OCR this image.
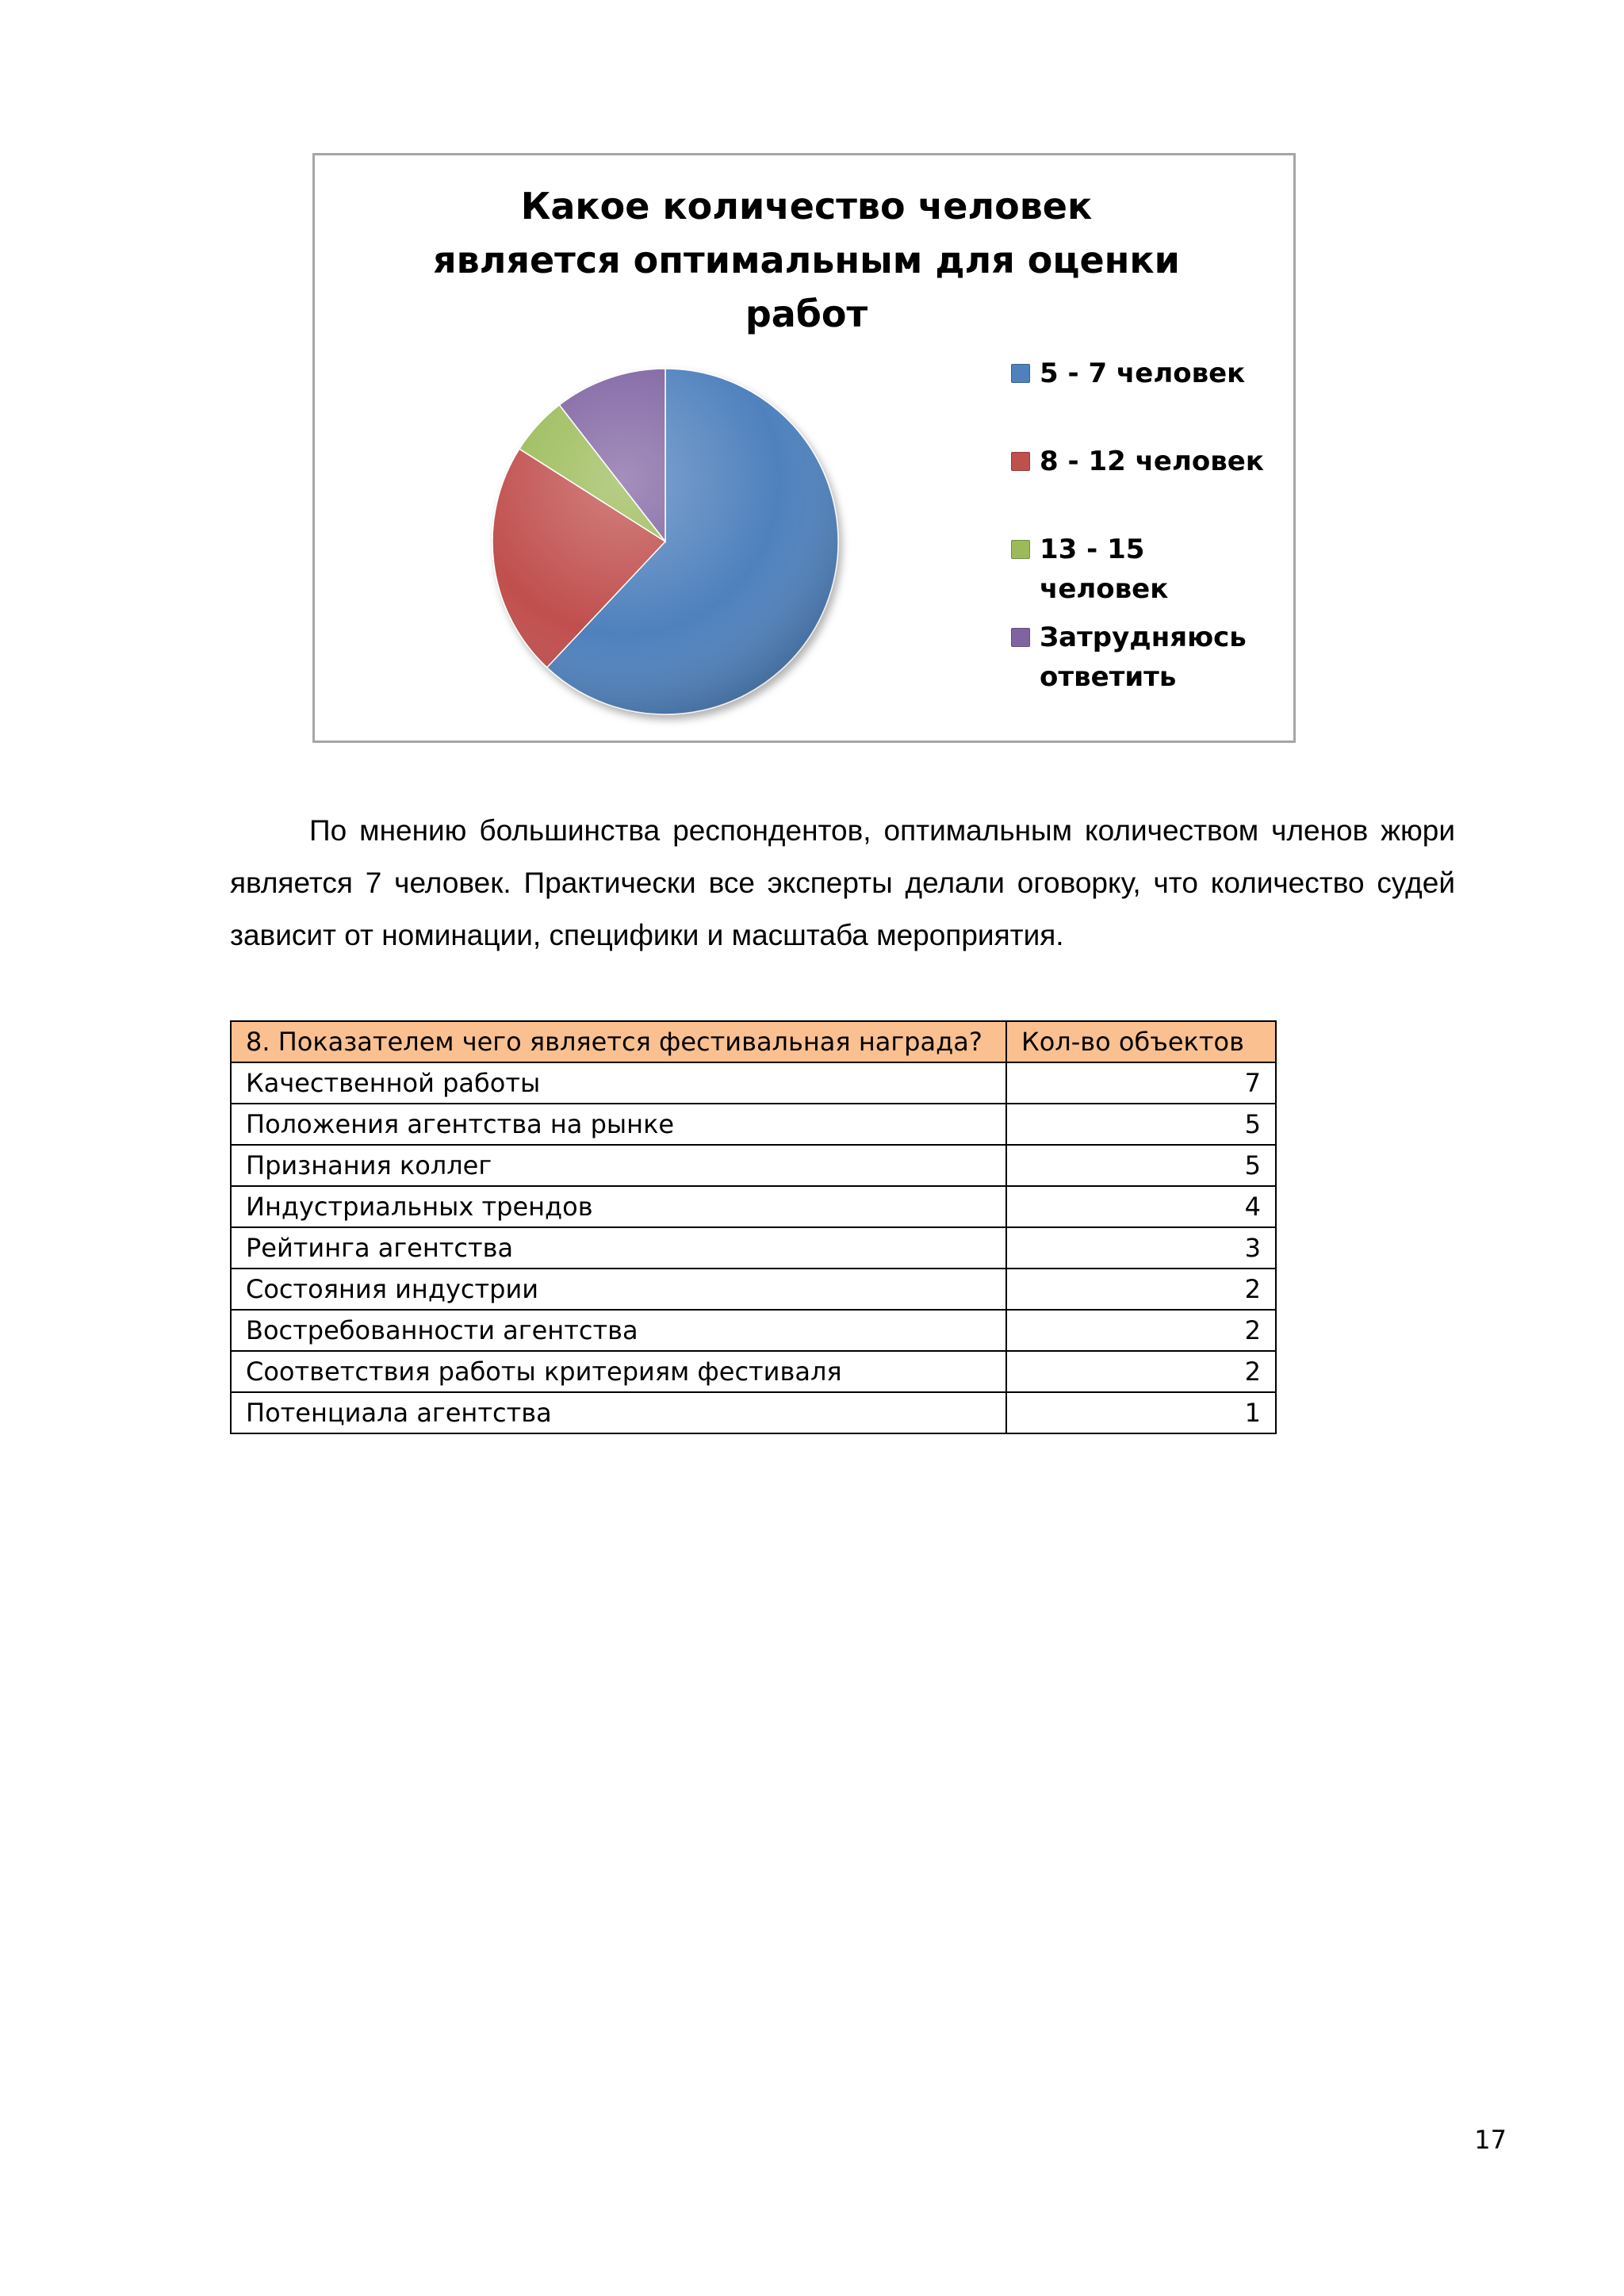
Какое количество человек
является оптимальным для оценки
работ
5 - 7 человек
8 - 12 человек
13 - 15 человек
Затрудняюсь ответить

По мнению большинства респондентов, оптимальным количеством членов жюри является 7 человек. Практически все эксперты делали оговорку, что количество судей зависит от номинации, специфики и масштаба мероприятия.

8. Показателем чего является фестивальная награда?	Кол-во объектов
Качественной работы	7
Положения агентства на рынке	5
Признания коллег	5
Индустриальных трендов	4
Рейтинга агентства	3
Состояния индустрии	2
Востребованности агентства	2
Соответствия работы критериям фестиваля	2
Потенциала агентства	1
17
